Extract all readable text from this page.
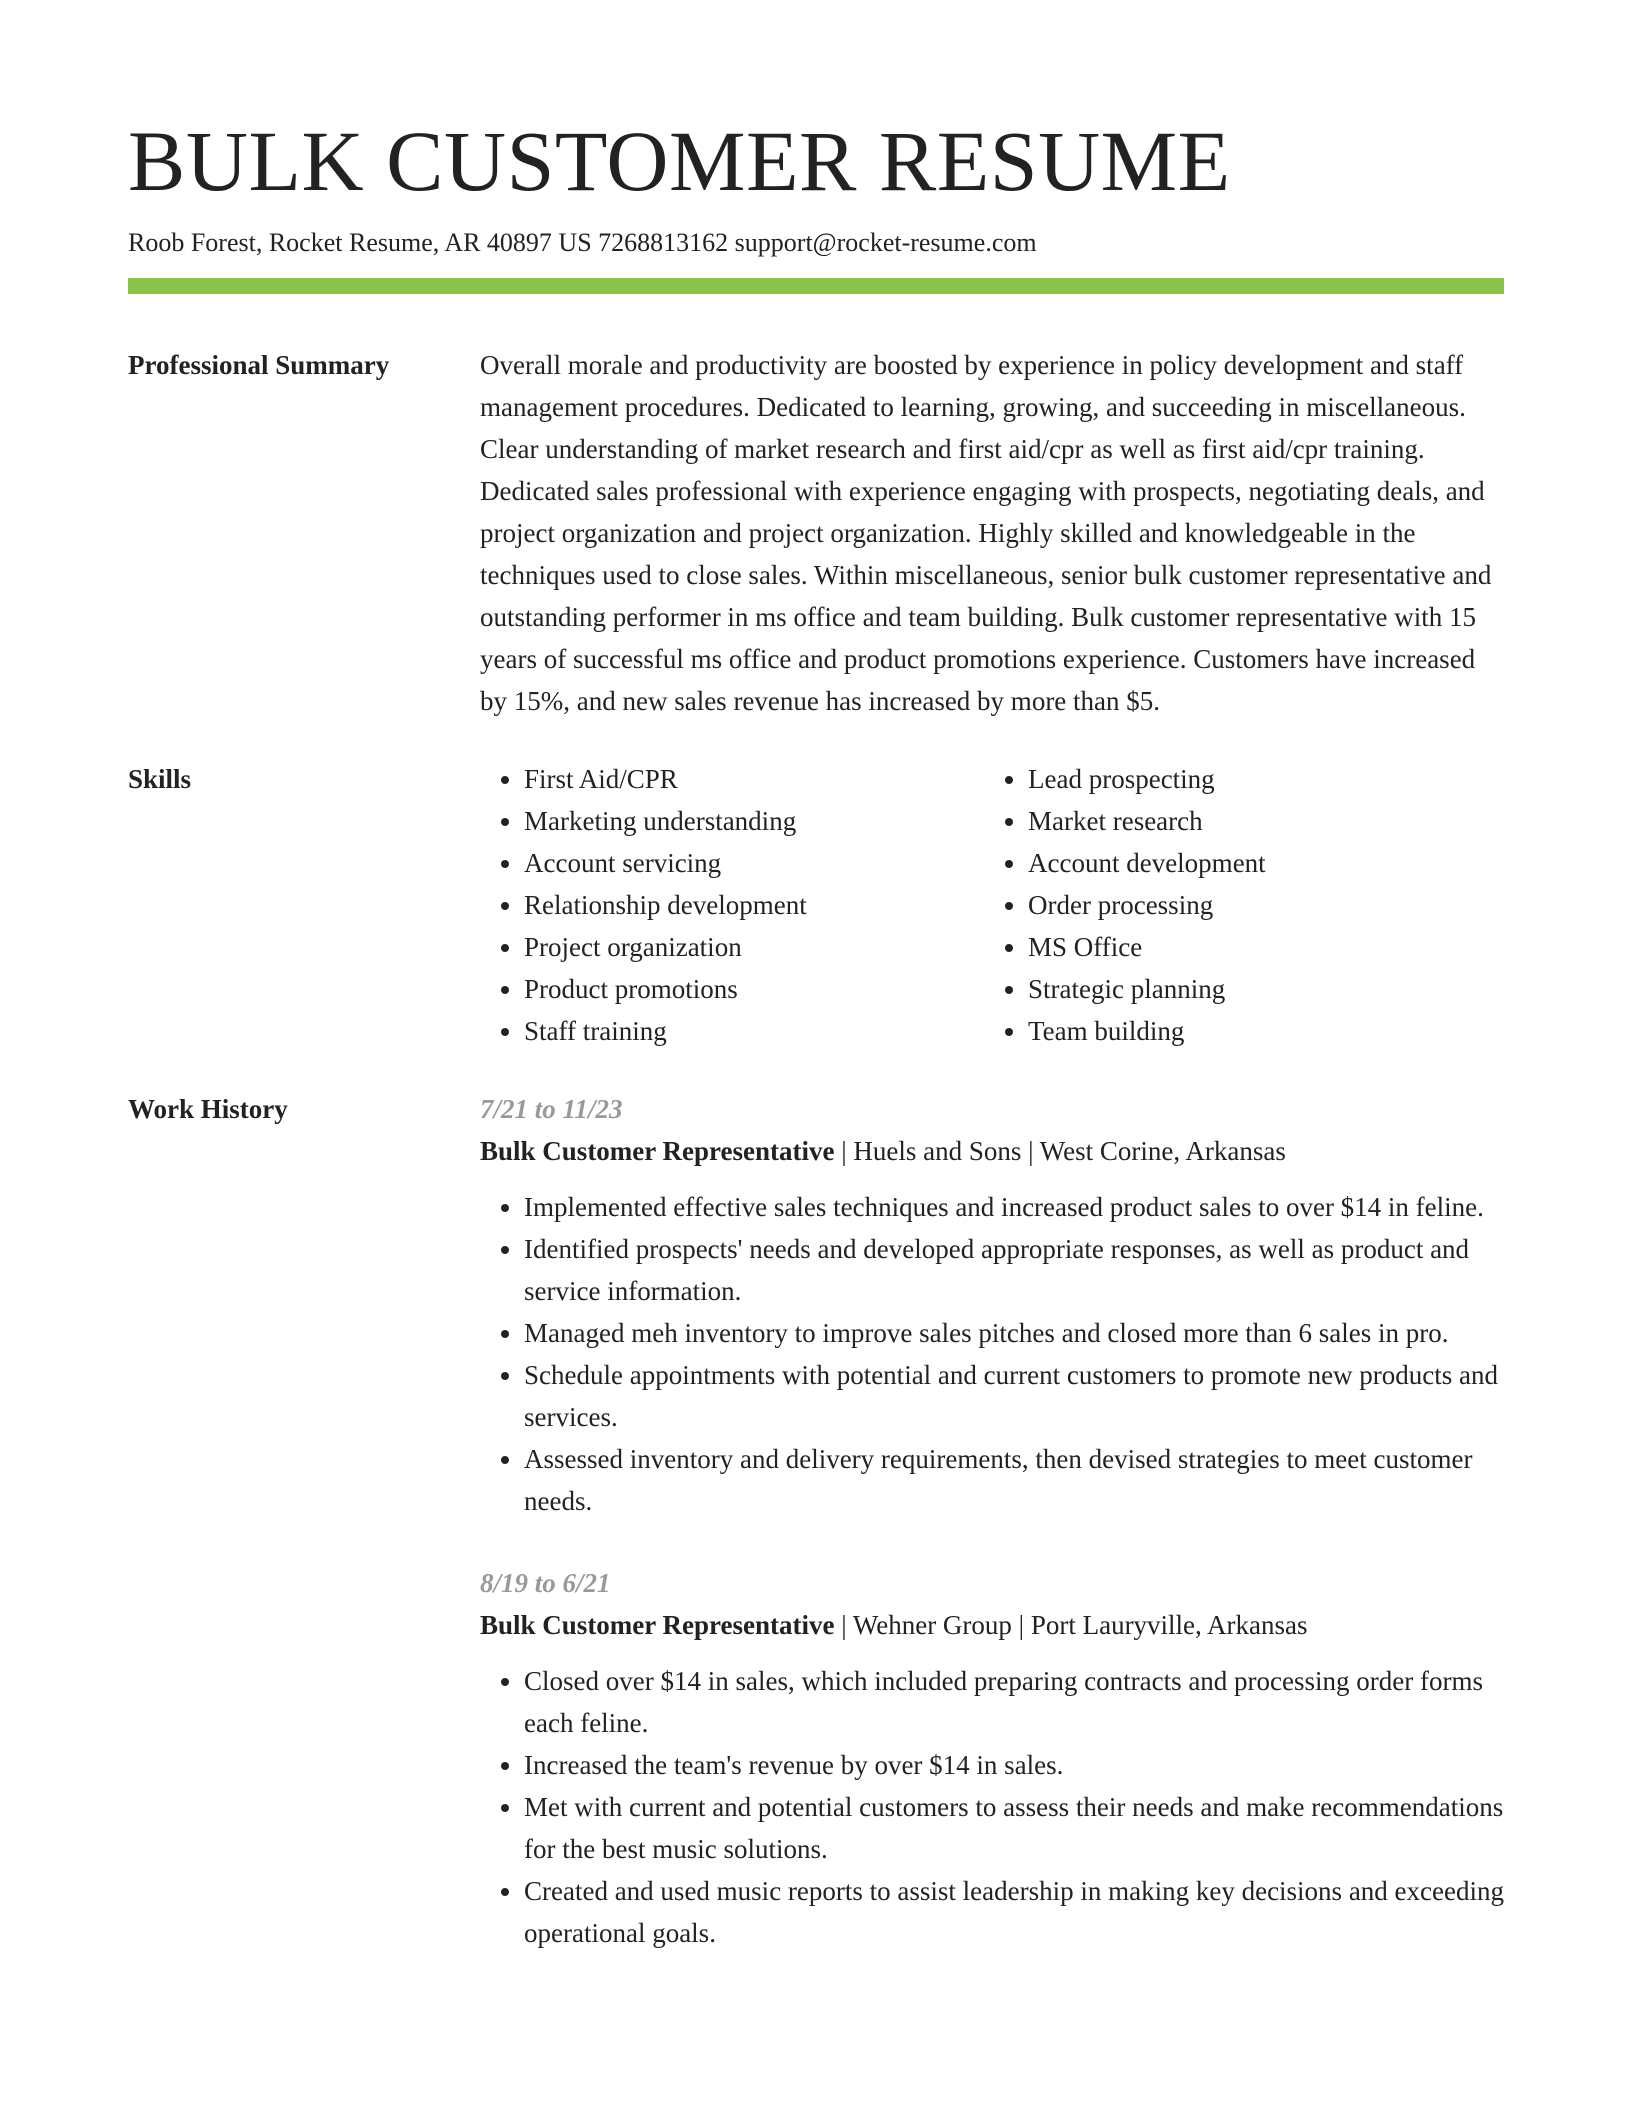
BULK CUSTOMER RESUME
Roob Forest, Rocket Resume, AR 40897 US 7268813162 support@rocket-resume.com
Professional Summary	Overall morale and productivity are boosted by experience in policy development and staff management procedures. Dedicated to learning, growing, and succeeding in miscellaneous. Clear understanding of market research and first aid/cpr as well as first aid/cpr training. Dedicated sales professional with experience engaging with prospects, negotiating deals, and project organization and project organization. Highly skilled and knowledgeable in the techniques used to close sales. Within miscellaneous, senior bulk customer representative and outstanding performer in ms office and team building. Bulk customer representative with 15 years of successful ms office and product promotions experience. Customers have increased by 15%, and new sales revenue has increased by more than $5.
Skills
•	First Aid/CPR
• Marketing understanding
• Account servicing
• Relationship development
• Project organization
• Product promotions
• Staff training
• Lead prospecting
• Market research
• Account development
• Order processing
• MS Office
• Strategic planning
• Team building
Work History	7/21 to 11/23
Bulk Customer Representative | Huels and Sons | West Corine, Arkansas
• Implemented effective sales techniques and increased product sales to over $14 in feline.
• Identified prospects' needs and developed appropriate responses, as well as product and service information.
• Managed meh inventory to improve sales pitches and closed more than 6 sales in pro.
• Schedule appointments with potential and current customers to promote new products and services.
• Assessed inventory and delivery requirements, then devised strategies to meet customer needs.
8/19 to 6/21
Bulk Customer Representative | Wehner Group | Port Lauryville, Arkansas
• Closed over $14 in sales, which included preparing contracts and processing order forms each feline.
• Increased the team's revenue by over $14 in sales.
• Met with current and potential customers to assess their needs and make recommendations for the best music solutions.
• Created and used music reports to assist leadership in making key decisions and exceeding operational goals.
